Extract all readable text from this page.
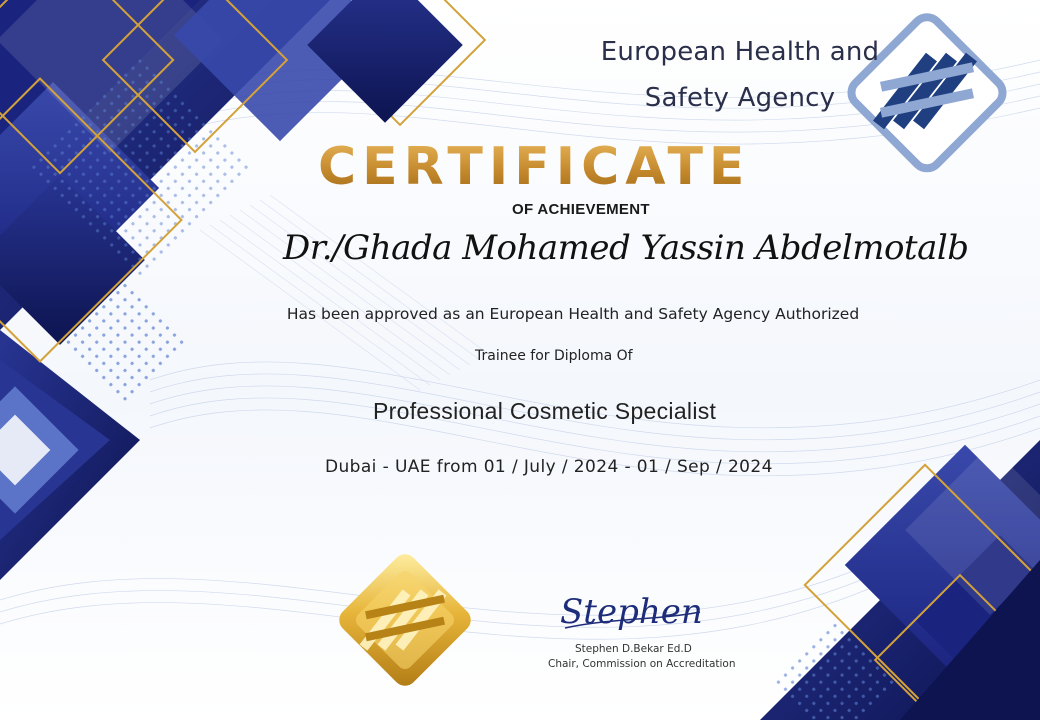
European Health and
Safety Agency
CERTIFICATE
OF ACHIEVEMENT
Dr./Ghada Mohamed Yassin Abdelmotalb
Has been approved as an European Health and Safety Agency Authorized
Trainee for Diploma Of
Professional Cosmetic Specialist
Dubai - UAE from 01 / July / 2024 - 01 / Sep / 2024
Stephen
Stephen D.Bekar Ed.D
Chair, Commission on Accreditation
